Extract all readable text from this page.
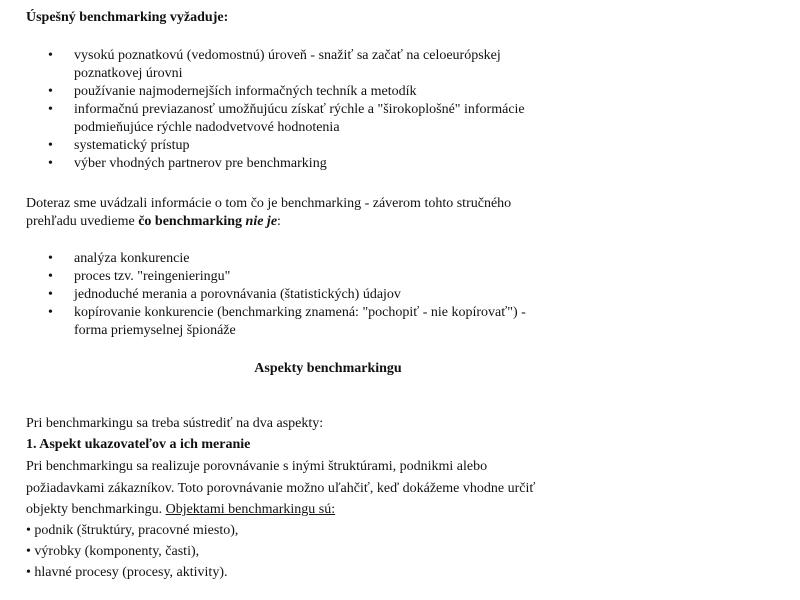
Úspešný benchmarking vyžaduje:
• vysokú poznatkovú (vedomostnú) úroveň - snažiť sa začať na celoeurópskej
poznatkovej úrovni
• používanie najmodernejších informačných techník a metodík
• informačnú previazanosť umožňujúcu získať rýchle a "širokoplošné" informácie
podmieňujúce rýchle nadodvetvové hodnotenia
• systematický prístup
• výber vhodných partnerov pre benchmarking
Doteraz sme uvádzali informácie o tom čo je benchmarking - záverom tohto stručného
prehľadu uvedieme čo benchmarking nie je:
• analýza konkurencie
• proces tzv. "reingenieringu"
• jednoduché merania a porovnávania (štatistických) údajov
• kopírovanie konkurencie (benchmarking znamená: "pochopiť - nie kopírovať") -
forma priemyselnej špionáže
Aspekty benchmarkingu
Pri benchmarkingu sa treba sústrediť na dva aspekty:
1. Aspekt ukazovateľov a ich meranie
Pri benchmarkingu sa realizuje porovnávanie s inými štruktúrami, podnikmi alebo
požiadavkami zákazníkov. Toto porovnávanie možno uľahčiť, keď dokážeme vhodne určiť
objekty benchmarkingu. Objektami benchmarkingu sú:
• podnik (štruktúry, pracovné miesto),
• výrobky (komponenty, časti),
• hlavné procesy (procesy, aktivity).
